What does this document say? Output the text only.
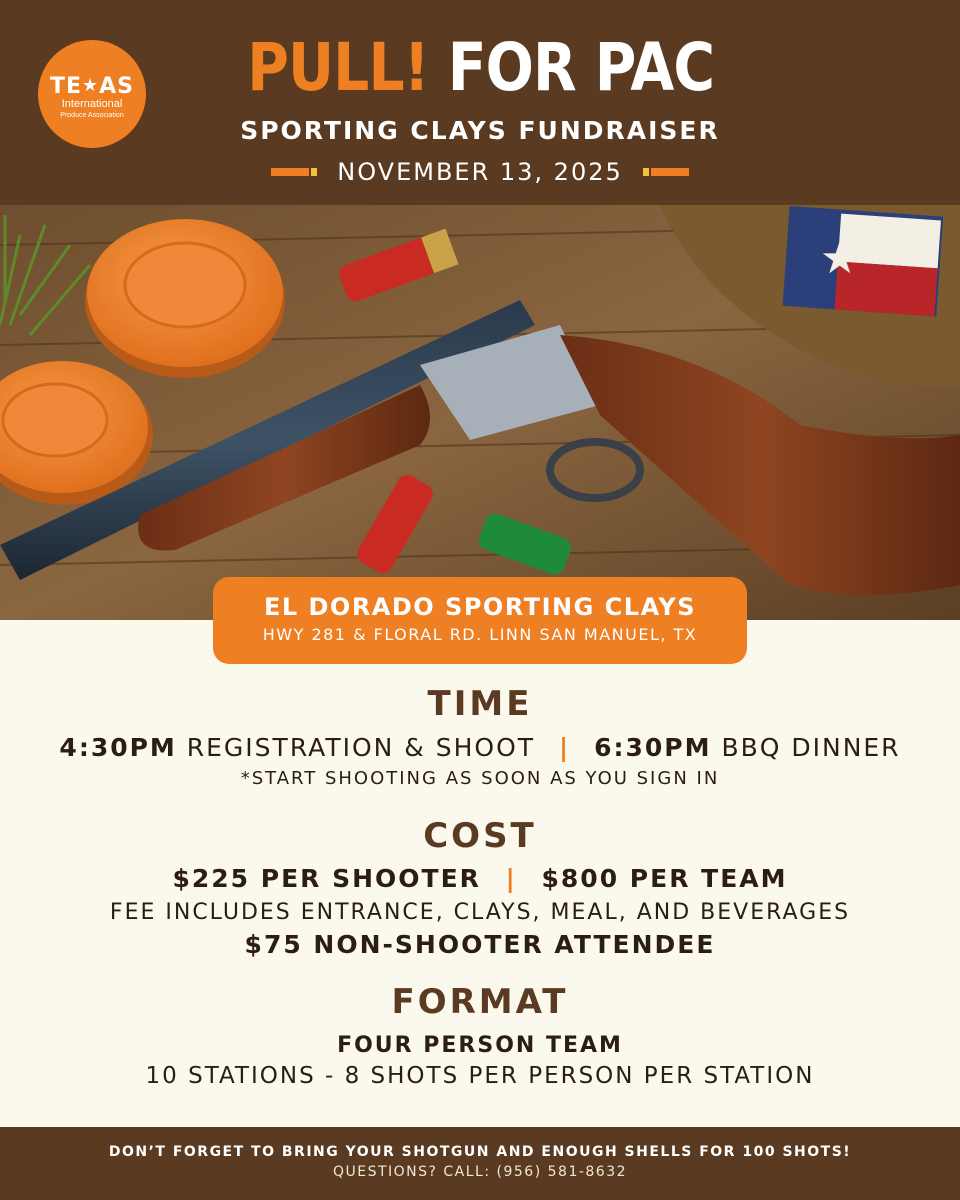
TE★AS
International
Produce Association
PULL! FOR PAC
SPORTING CLAYS FUNDRAISER
NOVEMBER 13, 2025
★
EL DORADO SPORTING CLAYS
HWY 281 & FLORAL RD. LINN SAN MANUEL, TX
TIME
4:30PM REGISTRATION & SHOOT | 6:30PM BBQ DINNER
*START SHOOTING AS SOON AS YOU SIGN IN
COST
$225 PER SHOOTER | $800 PER TEAM
FEE INCLUDES ENTRANCE, CLAYS, MEAL, AND BEVERAGES
$75 NON-SHOOTER ATTENDEE
FORMAT
FOUR PERSON TEAM
10 STATIONS - 8 SHOTS PER PERSON PER STATION
DON’T FORGET TO BRING YOUR SHOTGUN AND ENOUGH SHELLS FOR 100 SHOTS!
QUESTIONS? CALL: (956) 581-8632
